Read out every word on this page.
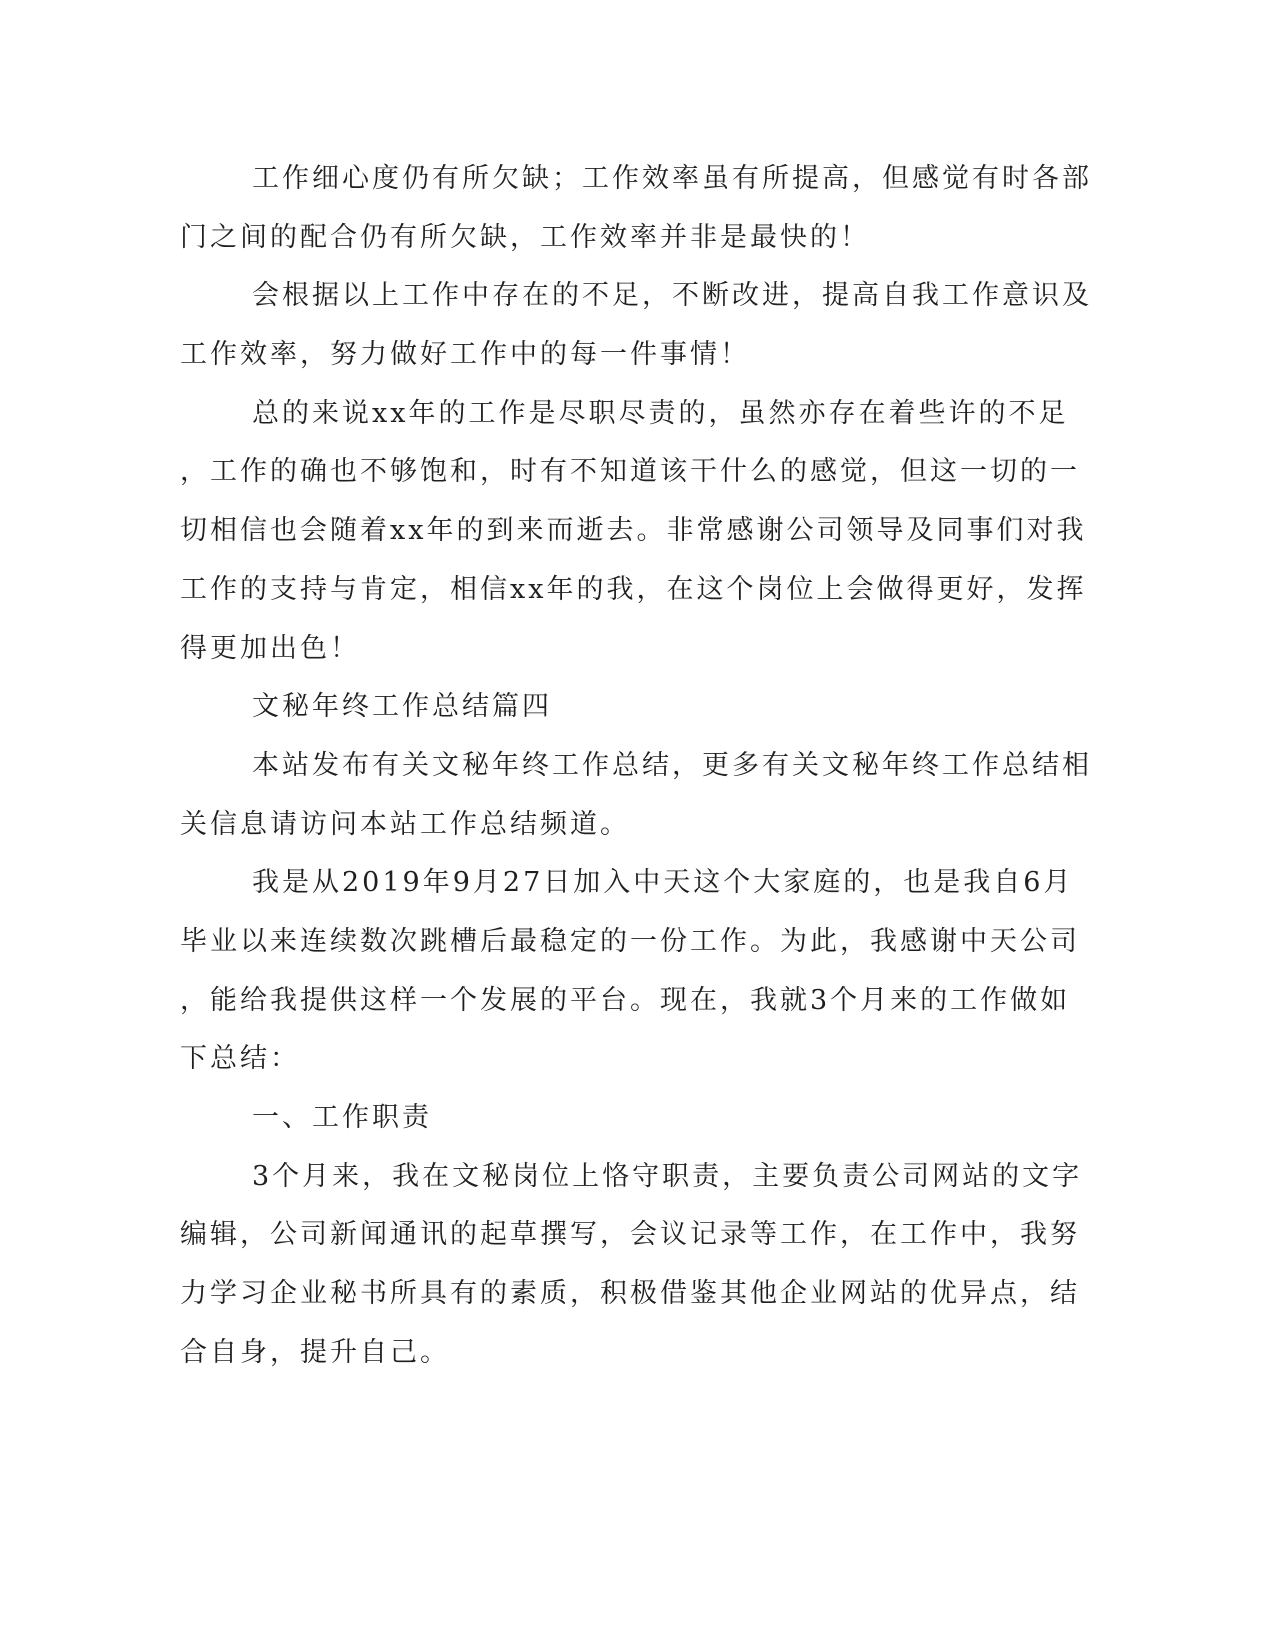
工作细心度仍有所欠缺；工作效率虽有所提高，但感觉有时各部
门之间的配合仍有所欠缺，工作效率并非是最快的！
会根据以上工作中存在的不足，不断改进，提高自我工作意识及
工作效率，努力做好工作中的每一件事情！
总的来说xx年的工作是尽职尽责的，虽然亦存在着些许的不足
，工作的确也不够饱和，时有不知道该干什么的感觉，但这一切的一
切相信也会随着xx年的到来而逝去。非常感谢公司领导及同事们对我
工作的支持与肯定，相信xx年的我，在这个岗位上会做得更好，发挥
得更加出色！
文秘年终工作总结篇四
本站发布有关文秘年终工作总结，更多有关文秘年终工作总结相
关信息请访问本站工作总结频道。
我是从2019年9月27日加入中天这个大家庭的，也是我自6月
毕业以来连续数次跳槽后最稳定的一份工作。为此，我感谢中天公司
，能给我提供这样一个发展的平台。现在，我就3个月来的工作做如
下总结：
一、工作职责
3个月来，我在文秘岗位上恪守职责，主要负责公司网站的文字
编辑，公司新闻通讯的起草撰写，会议记录等工作，在工作中，我努
力学习企业秘书所具有的素质，积极借鉴其他企业网站的优异点，结
合自身，提升自己。
